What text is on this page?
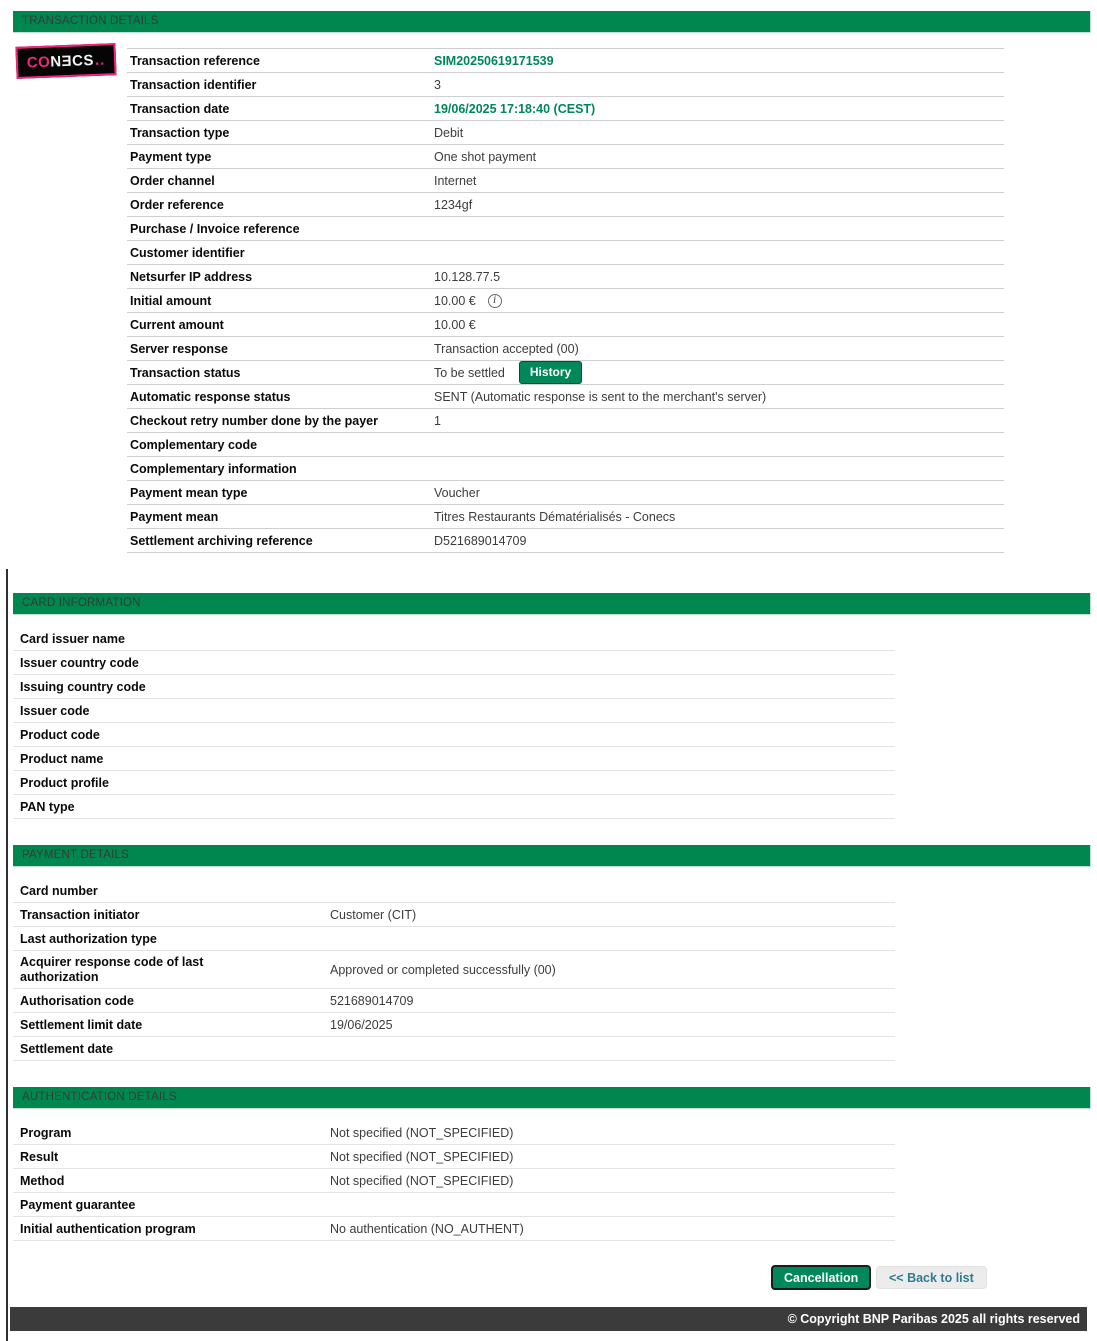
TRANSACTION DETAILS
CO NƎCS .. Transaction reference	SIM20250619171539
Transaction identifier	3
Transaction date	19/06/2025 17:18:40 (CEST)
Transaction type	Debit
Payment type	One shot payment
Order channel	Internet
Order reference	1234gf
Purchase / Invoice reference
Customer identifier
Netsurfer IP address	10.128.77.5
Initial amount	10.00 €	i
Current amount	10.00 €
Server response	Transaction accepted (00)
Transaction status	To be settled	History
Automatic response status	SENT (Automatic response is sent to the merchant's server)
Checkout retry number done by the payer	1
Complementary code
Complementary information
Payment mean type	Voucher
Payment mean	Titres Restaurants Dématérialisés - Conecs
Settlement archiving reference	D521689014709
CARD INFORMATION
Card issuer name
Issuer country code
Issuing country code
Issuer code
Product code
Product name
Product profile
PAN type
PAYMENT DETAILS
Card number
Transaction initiator	Customer (CIT)
Last authorization type
Acquirer response code of last authorization	Approved or completed successfully (00)
Authorisation code	521689014709
Settlement limit date	19/06/2025
Settlement date
AUTHENTICATION DETAILS
Program	Not specified (NOT_SPECIFIED)
Result	Not specified (NOT_SPECIFIED)
Method	Not specified (NOT_SPECIFIED)
Payment guarantee
Initial authentication program	No authentication (NO_AUTHENT)
Cancellation	<< Back to list
© Copyright BNP Paribas 2025 all rights reserved
